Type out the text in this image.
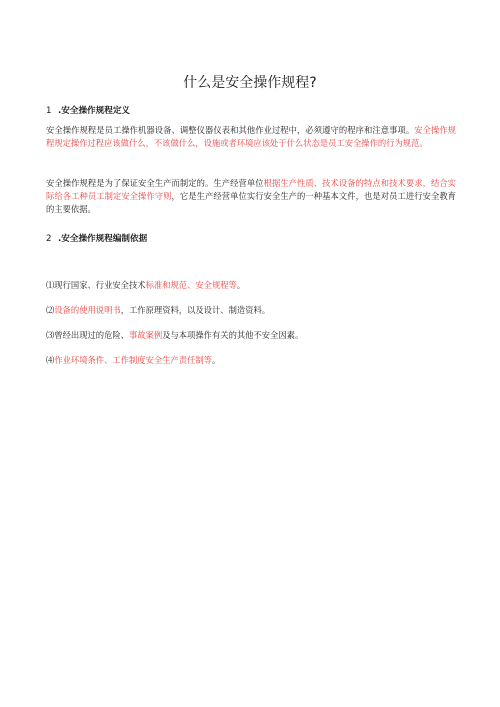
什么是安全操作规程?
1 .安全操作规程定义
安全操作规程是员工操作机器设备、调整仪器仪表和其他作业过程中，必须遵守的程序和注意事项。安全操作规程规定操作过程应该做什么，不该做什么，设施或者环境应该处于什么状态是员工安全操作的行为规范。
安全操作规程是为了保证安全生产而制定的。生产经营单位根据生产性质、技术设备的特点和技术要求，结合实际给各工种员工制定安全操作守则，它是生产经营单位实行安全生产的一种基本文件，也是对员工进行安全教育的主要依据。
2 .安全操作规程编制依据
⑴现行国家、行业安全技术标准和规范、安全规程等。
⑵设备的使用说明书，工作原理资料，以及设计、制造资料。
⑶曾经出现过的危险、事故案例及与本项操作有关的其他不安全因素。
⑷作业环境条件、工作制度安全生产责任制等。
